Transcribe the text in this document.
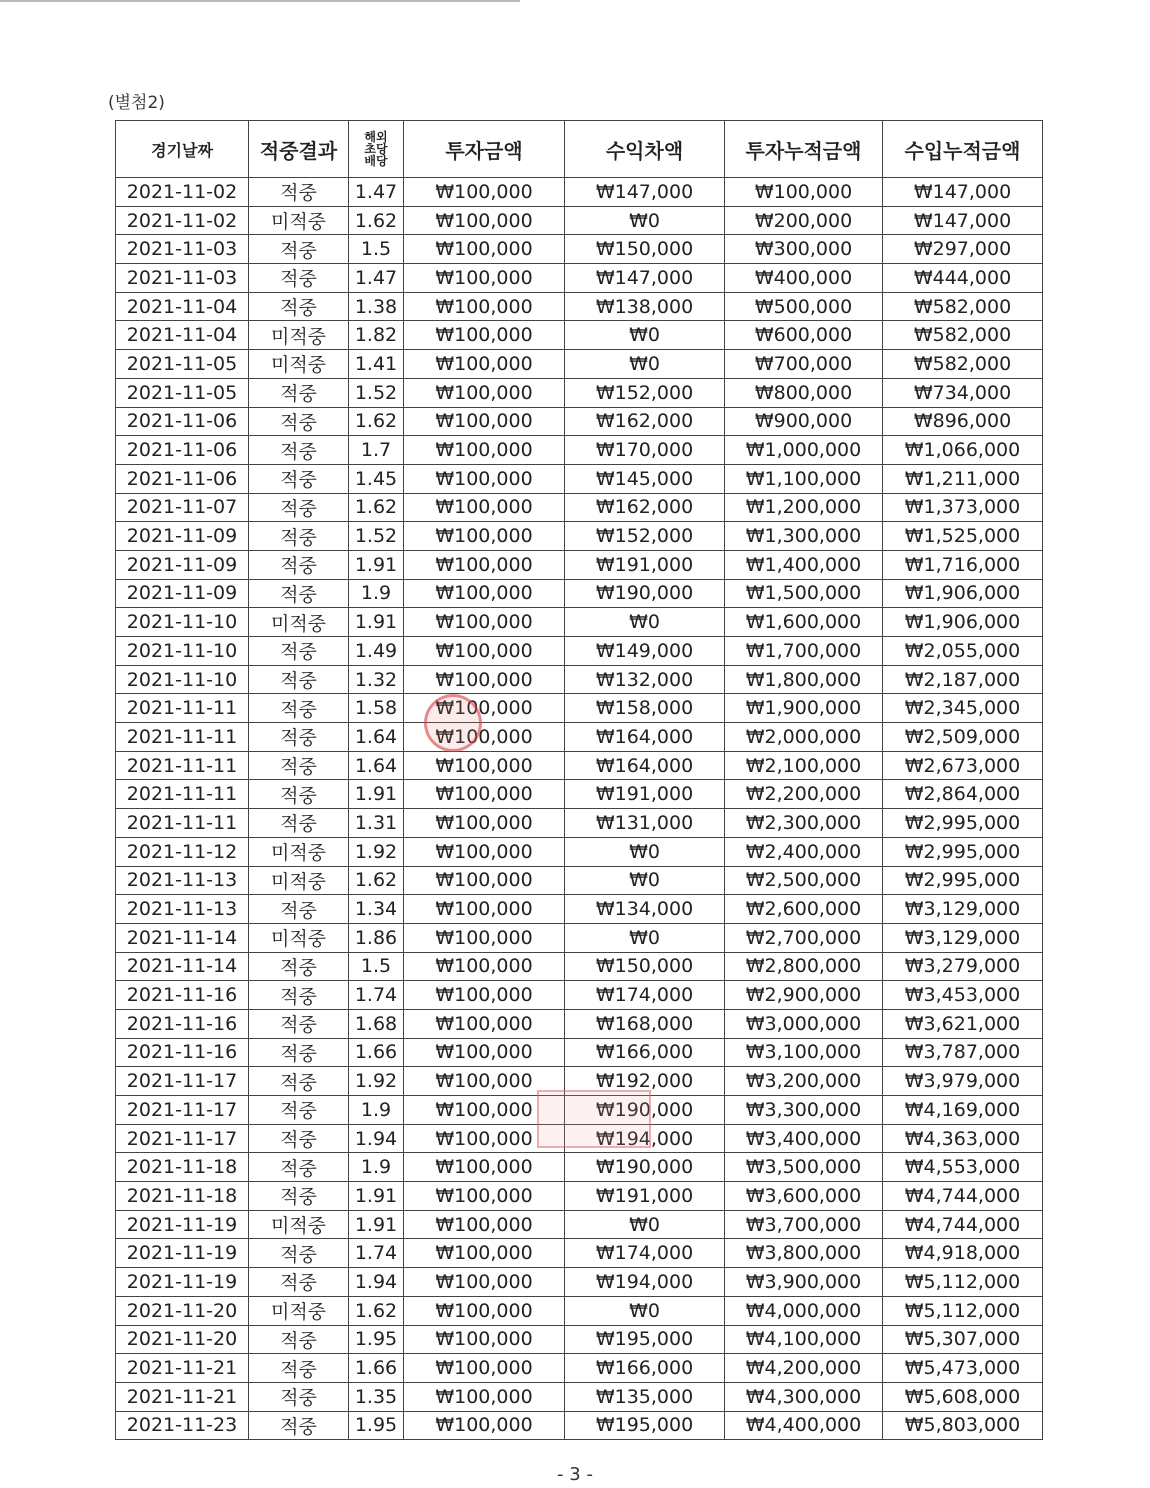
(별첨2)
경기날짜	적중결과	해외
초당
배당	투자금액	수익차액	투자누적금액	수입누적금액
2021-11-02	적중	1.47	₩100,000	₩147,000	₩100,000	₩147,000
2021-11-02	미적중	1.62	₩100,000	₩0	₩200,000	₩147,000
2021-11-03	적중	1.5	₩100,000	₩150,000	₩300,000	₩297,000
2021-11-03	적중	1.47	₩100,000	₩147,000	₩400,000	₩444,000
2021-11-04	적중	1.38	₩100,000	₩138,000	₩500,000	₩582,000
2021-11-04	미적중	1.82	₩100,000	₩0	₩600,000	₩582,000
2021-11-05	미적중	1.41	₩100,000	₩0	₩700,000	₩582,000
2021-11-05	적중	1.52	₩100,000	₩152,000	₩800,000	₩734,000
2021-11-06	적중	1.62	₩100,000	₩162,000	₩900,000	₩896,000
2021-11-06	적중	1.7	₩100,000	₩170,000	₩1,000,000	₩1,066,000
2021-11-06	적중	1.45	₩100,000	₩145,000	₩1,100,000	₩1,211,000
2021-11-07	적중	1.62	₩100,000	₩162,000	₩1,200,000	₩1,373,000
2021-11-09	적중	1.52	₩100,000	₩152,000	₩1,300,000	₩1,525,000
2021-11-09	적중	1.91	₩100,000	₩191,000	₩1,400,000	₩1,716,000
2021-11-09	적중	1.9	₩100,000	₩190,000	₩1,500,000	₩1,906,000
2021-11-10	미적중	1.91	₩100,000	₩0	₩1,600,000	₩1,906,000
2021-11-10	적중	1.49	₩100,000	₩149,000	₩1,700,000	₩2,055,000
2021-11-10	적중	1.32	₩100,000	₩132,000	₩1,800,000	₩2,187,000
2021-11-11	적중	1.58	₩100,000	₩158,000	₩1,900,000	₩2,345,000
2021-11-11	적중	1.64	₩100,000	₩164,000	₩2,000,000	₩2,509,000
2021-11-11	적중	1.64	₩100,000	₩164,000	₩2,100,000	₩2,673,000
2021-11-11	적중	1.91	₩100,000	₩191,000	₩2,200,000	₩2,864,000
2021-11-11	적중	1.31	₩100,000	₩131,000	₩2,300,000	₩2,995,000
2021-11-12	미적중	1.92	₩100,000	₩0	₩2,400,000	₩2,995,000
2021-11-13	미적중	1.62	₩100,000	₩0	₩2,500,000	₩2,995,000
2021-11-13	적중	1.34	₩100,000	₩134,000	₩2,600,000	₩3,129,000
2021-11-14	미적중	1.86	₩100,000	₩0	₩2,700,000	₩3,129,000
2021-11-14	적중	1.5	₩100,000	₩150,000	₩2,800,000	₩3,279,000
2021-11-16	적중	1.74	₩100,000	₩174,000	₩2,900,000	₩3,453,000
2021-11-16	적중	1.68	₩100,000	₩168,000	₩3,000,000	₩3,621,000
2021-11-16	적중	1.66	₩100,000	₩166,000	₩3,100,000	₩3,787,000
2021-11-17	적중	1.92	₩100,000	₩192,000	₩3,200,000	₩3,979,000
2021-11-17	적중	1.9	₩100,000	₩190,000	₩3,300,000	₩4,169,000
2021-11-17	적중	1.94	₩100,000	₩194,000	₩3,400,000	₩4,363,000
2021-11-18	적중	1.9	₩100,000	₩190,000	₩3,500,000	₩4,553,000
2021-11-18	적중	1.91	₩100,000	₩191,000	₩3,600,000	₩4,744,000
2021-11-19	미적중	1.91	₩100,000	₩0	₩3,700,000	₩4,744,000
2021-11-19	적중	1.74	₩100,000	₩174,000	₩3,800,000	₩4,918,000
2021-11-19	적중	1.94	₩100,000	₩194,000	₩3,900,000	₩5,112,000
2021-11-20	미적중	1.62	₩100,000	₩0	₩4,000,000	₩5,112,000
2021-11-20	적중	1.95	₩100,000	₩195,000	₩4,100,000	₩5,307,000
2021-11-21	적중	1.66	₩100,000	₩166,000	₩4,200,000	₩5,473,000
2021-11-21	적중	1.35	₩100,000	₩135,000	₩4,300,000	₩5,608,000
2021-11-23	적중	1.95	₩100,000	₩195,000	₩4,400,000	₩5,803,000
- 3 -
